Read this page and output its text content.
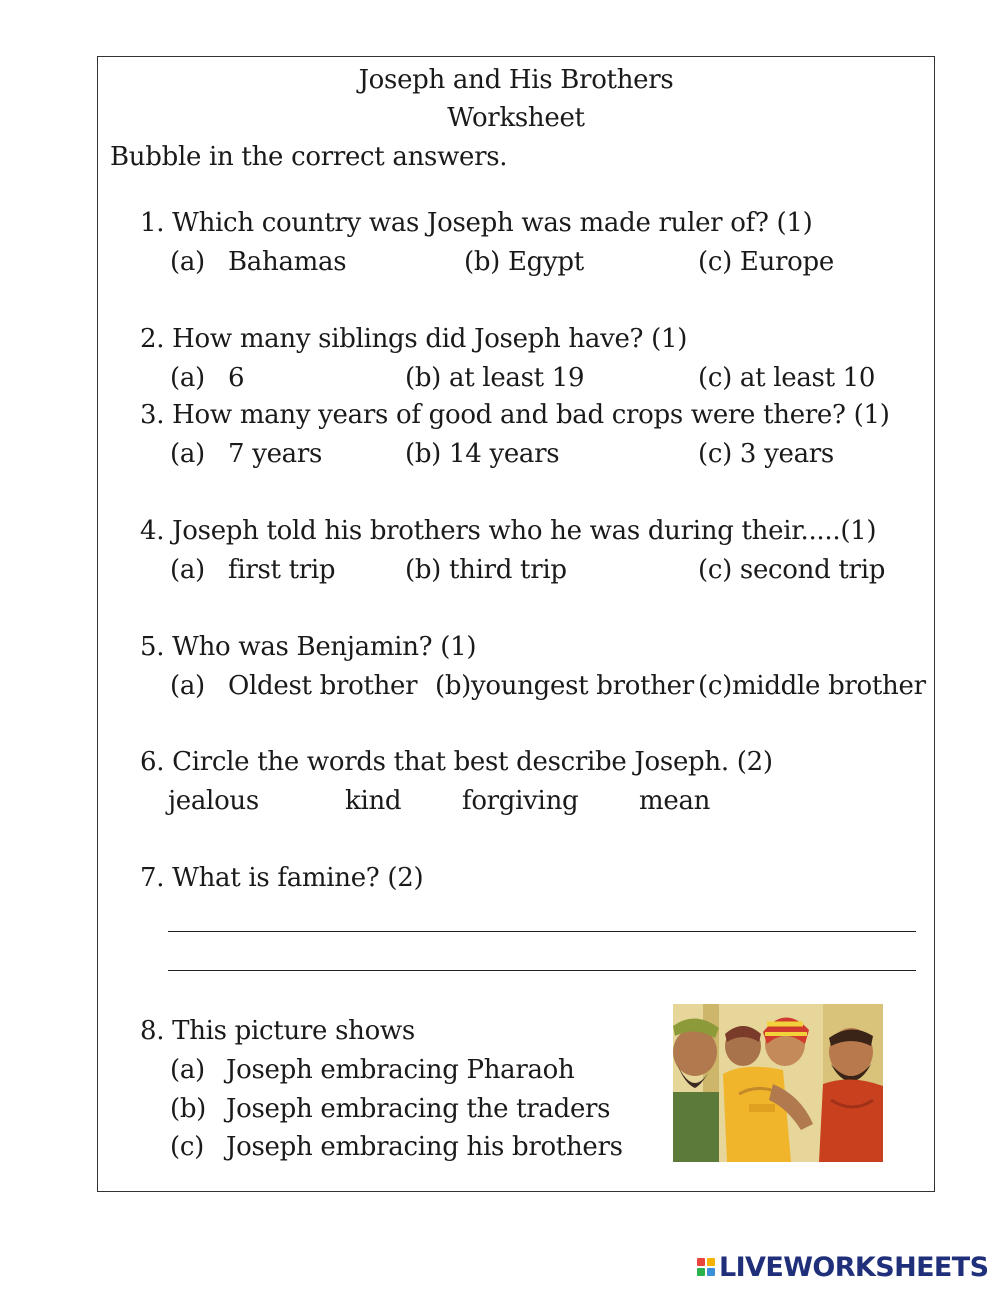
Joseph and His Brothers
Worksheet
Bubble in the correct answers.
1. Which country was Joseph was made ruler of? (1)
(a) Bahamas	(b) Egypt	(c) Europe
2. How many siblings did Joseph have? (1)
(a) 6	(b) at least 19	(c) at least 10
3. How many years of good and bad crops were there? (1)
(a) 7 years	(b) 14 years	(c) 3 years
4. Joseph told his brothers who he was during their.....(1)
(a) first trip	(b) third trip	(c) second trip
5. Who was Benjamin? (1)
(a) Oldest brother (b)youngest brother (c)middle brother
6. Circle the words that best describe Joseph. (2)
jealous	kind forgiving mean
7. What is famine? (2)
8. This picture shows
(a) Joseph embracing Pharaoh
(b) Joseph embracing the traders
(c) Joseph embracing his brothers
LIVEWORKSHEETS
